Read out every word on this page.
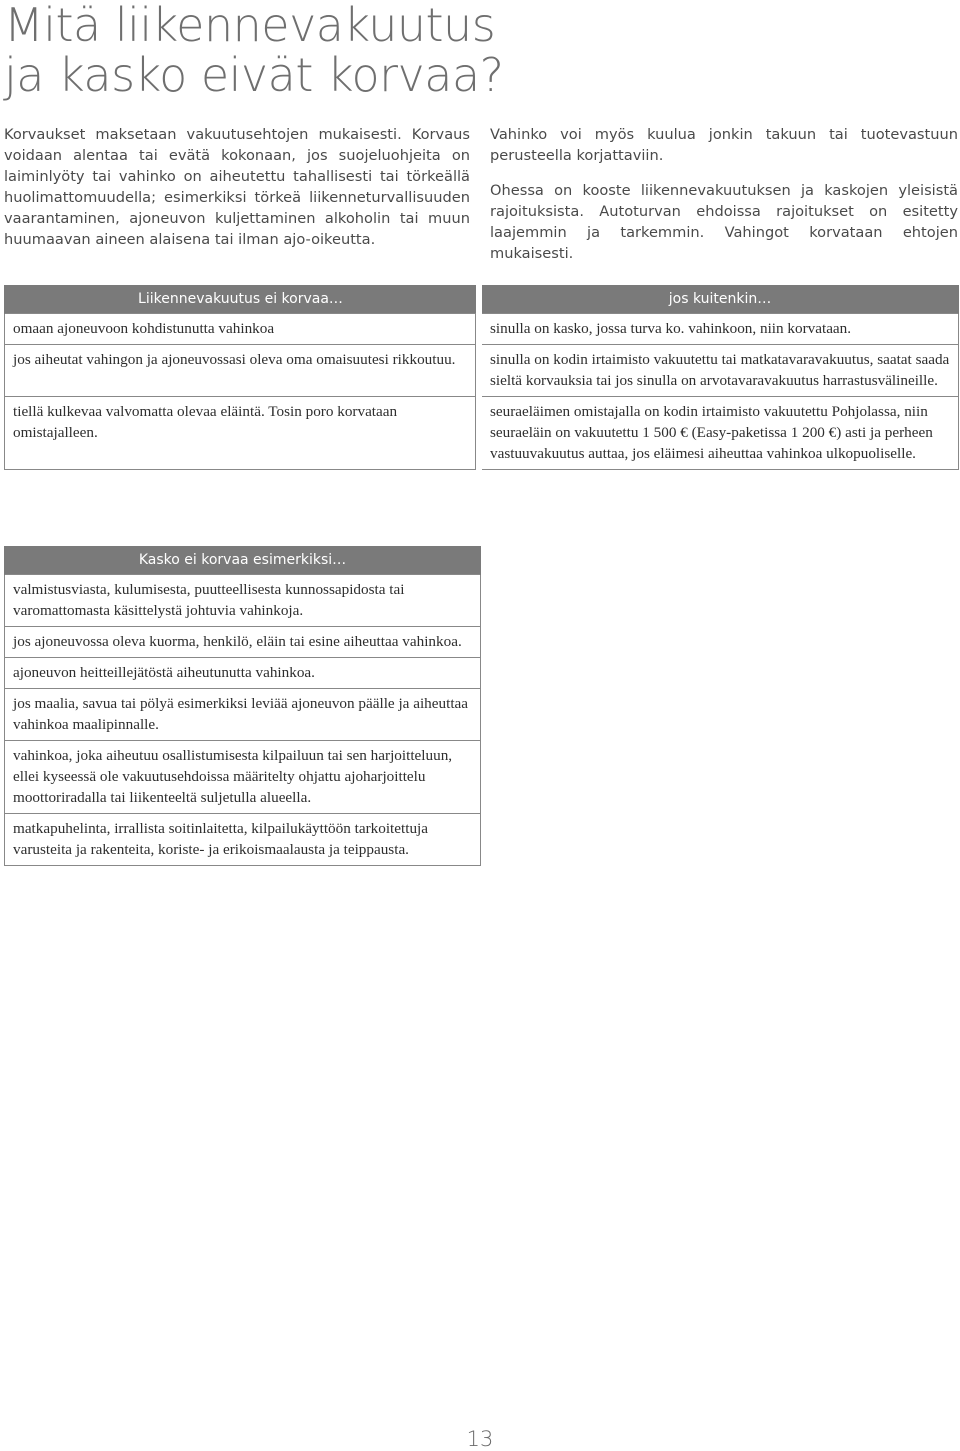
Mitä liikennevakuutus
ja kasko eivät korvaa?
Korvaukset maksetaan vakuutusehtojen mukaisesti. Korvaus voidaan alentaa tai evätä kokonaan, jos suojeluohjeita on laiminlyöty tai vahinko on aiheutettu tahallisesti tai törkeällä huolimattomuudella; esimerkiksi törkeä liikenneturvallisuuden vaarantaminen, ajoneuvon kuljettaminen alkoholin tai muun huumaavan aineen alaisena tai ilman ajo-oikeutta.

Vahinko voi myös kuulua jonkin takuun tai tuotevastuun perusteella korjattaviin.

Ohessa on kooste liikennevakuutuksen ja kaskojen yleisistä rajoituksista. Autoturvan ehdoissa rajoitukset on esitetty laajemmin ja tarkemmin. Vahingot korvataan ehtojen mukaisesti.

Liikennevakuutus ei korvaa…	jos kuitenkin…
omaan ajoneuvoon kohdistunutta vahinkoa	sinulla on kasko, jossa turva ko. vahinkoon, niin korvataan.
jos aiheutat vahingon ja ajoneuvossasi oleva oma omaisuutesi rikkoutuu.	sinulla on kodin irtaimisto vakuutettu tai matkatavaravakuutus, saatat saada sieltä korvauksia tai jos sinulla on arvotavaravakuutus harrastusvälineille.
tiellä kulkevaa valvomatta olevaa eläintä. Tosin poro korvataan omistajalleen.	seuraeläimen omistajalla on kodin irtaimisto vakuutettu Pohjolassa, niin seuraeläin on vakuutettu 1 500 € (Easy-paketissa 1 200 €) asti ja perheen vastuuvakuutus auttaa, jos eläimesi aiheuttaa vahinkoa ulkopuoliselle.
Kasko ei korvaa esimerkiksi…
valmistusviasta, kulumisesta, puutteellisesta kunnossapidosta tai varomattomasta käsittelystä johtuvia vahinkoja.
jos ajoneuvossa oleva kuorma, henkilö, eläin tai esine aiheuttaa vahinkoa.
ajoneuvon heitteillejätöstä aiheutunutta vahinkoa.
jos maalia, savua tai pölyä esimerkiksi leviää ajoneuvon päälle ja aiheuttaa vahinkoa maalipinnalle.
vahinkoa, joka aiheutuu osallistumisesta kilpailuun tai sen harjoitteluun, ellei kyseessä ole vakuutusehdoissa määritelty ohjattu ajoharjoittelu moottoriradalla tai liikenteeltä suljetulla alueella.
matkapuhelinta, irrallista soitinlaitetta, kilpailukäyttöön tarkoitettuja varusteita ja rakenteita, koriste- ja erikoismaalausta ja teippausta.
13
